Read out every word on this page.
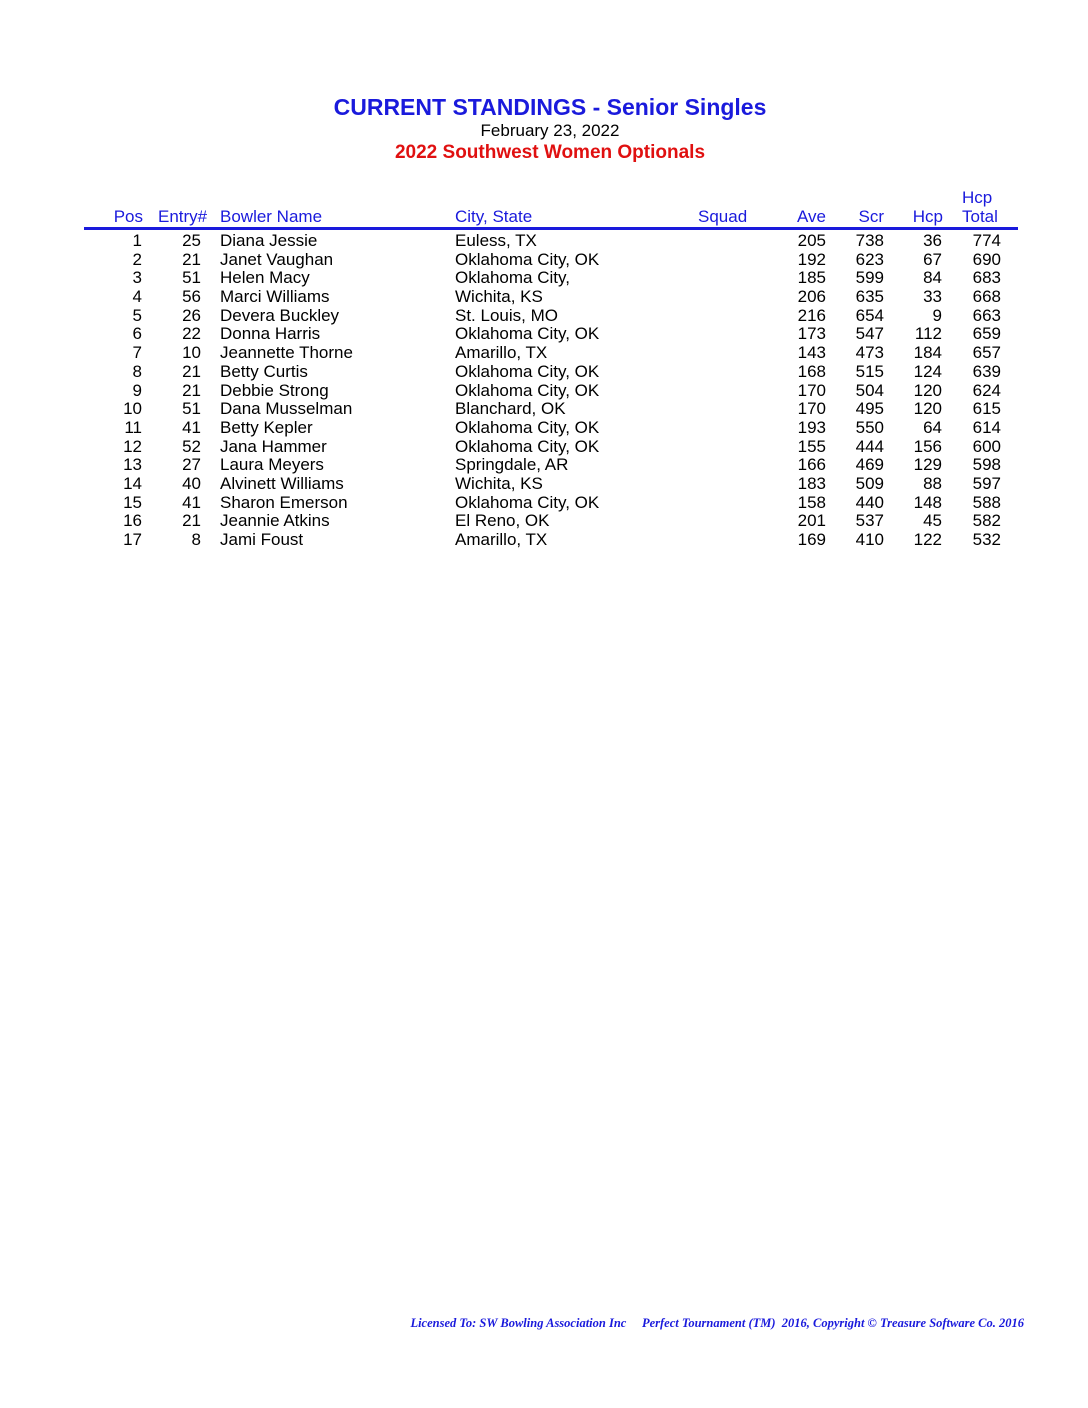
CURRENT STANDINGS - Senior Singles
February 23, 2022
2022 Southwest Women Optionals
Pos Entry# Bowler Name	City, State	Squad	Ave	Scr	Hcp
Hcp
Total
1	25 Diana Jessie	Euless, TX	205	738	36	774
2	21 Janet Vaughan	Oklahoma City, OK	192	623	67	690
3	51 Helen Macy	Oklahoma City,	185	599	84	683
4	56 Marci Williams	Wichita, KS	206	635	33	668
5	26 Devera Buckley	St. Louis, MO	216	654	9	663
6	22 Donna Harris	Oklahoma City, OK	173	547	112	659
7	10 Jeannette Thorne	Amarillo, TX	143	473	184	657
8	21 Betty Curtis	Oklahoma City, OK	168	515	124	639
9	21 Debbie Strong	Oklahoma City, OK	170	504	120	624
10	51 Dana Musselman	Blanchard, OK	170	495	120	615
11	41 Betty Kepler	Oklahoma City, OK	193	550	64	614
12	52 Jana Hammer	Oklahoma City, OK	155	444	156	600
13	27 Laura Meyers	Springdale, AR	166	469	129	598
14	40 Alvinett Williams	Wichita, KS	183	509	88	597
15	41 Sharon Emerson	Oklahoma City, OK	158	440	148	588
16	21 Jeannie Atkins	El Reno, OK	201	537	45	582
17	8 Jami Foust	Amarillo, TX	169	410	122	532
Licensed To: SW Bowling Association Inc     Perfect Tournament (TM)  2016, Copyright © Treasure Software Co. 2016
